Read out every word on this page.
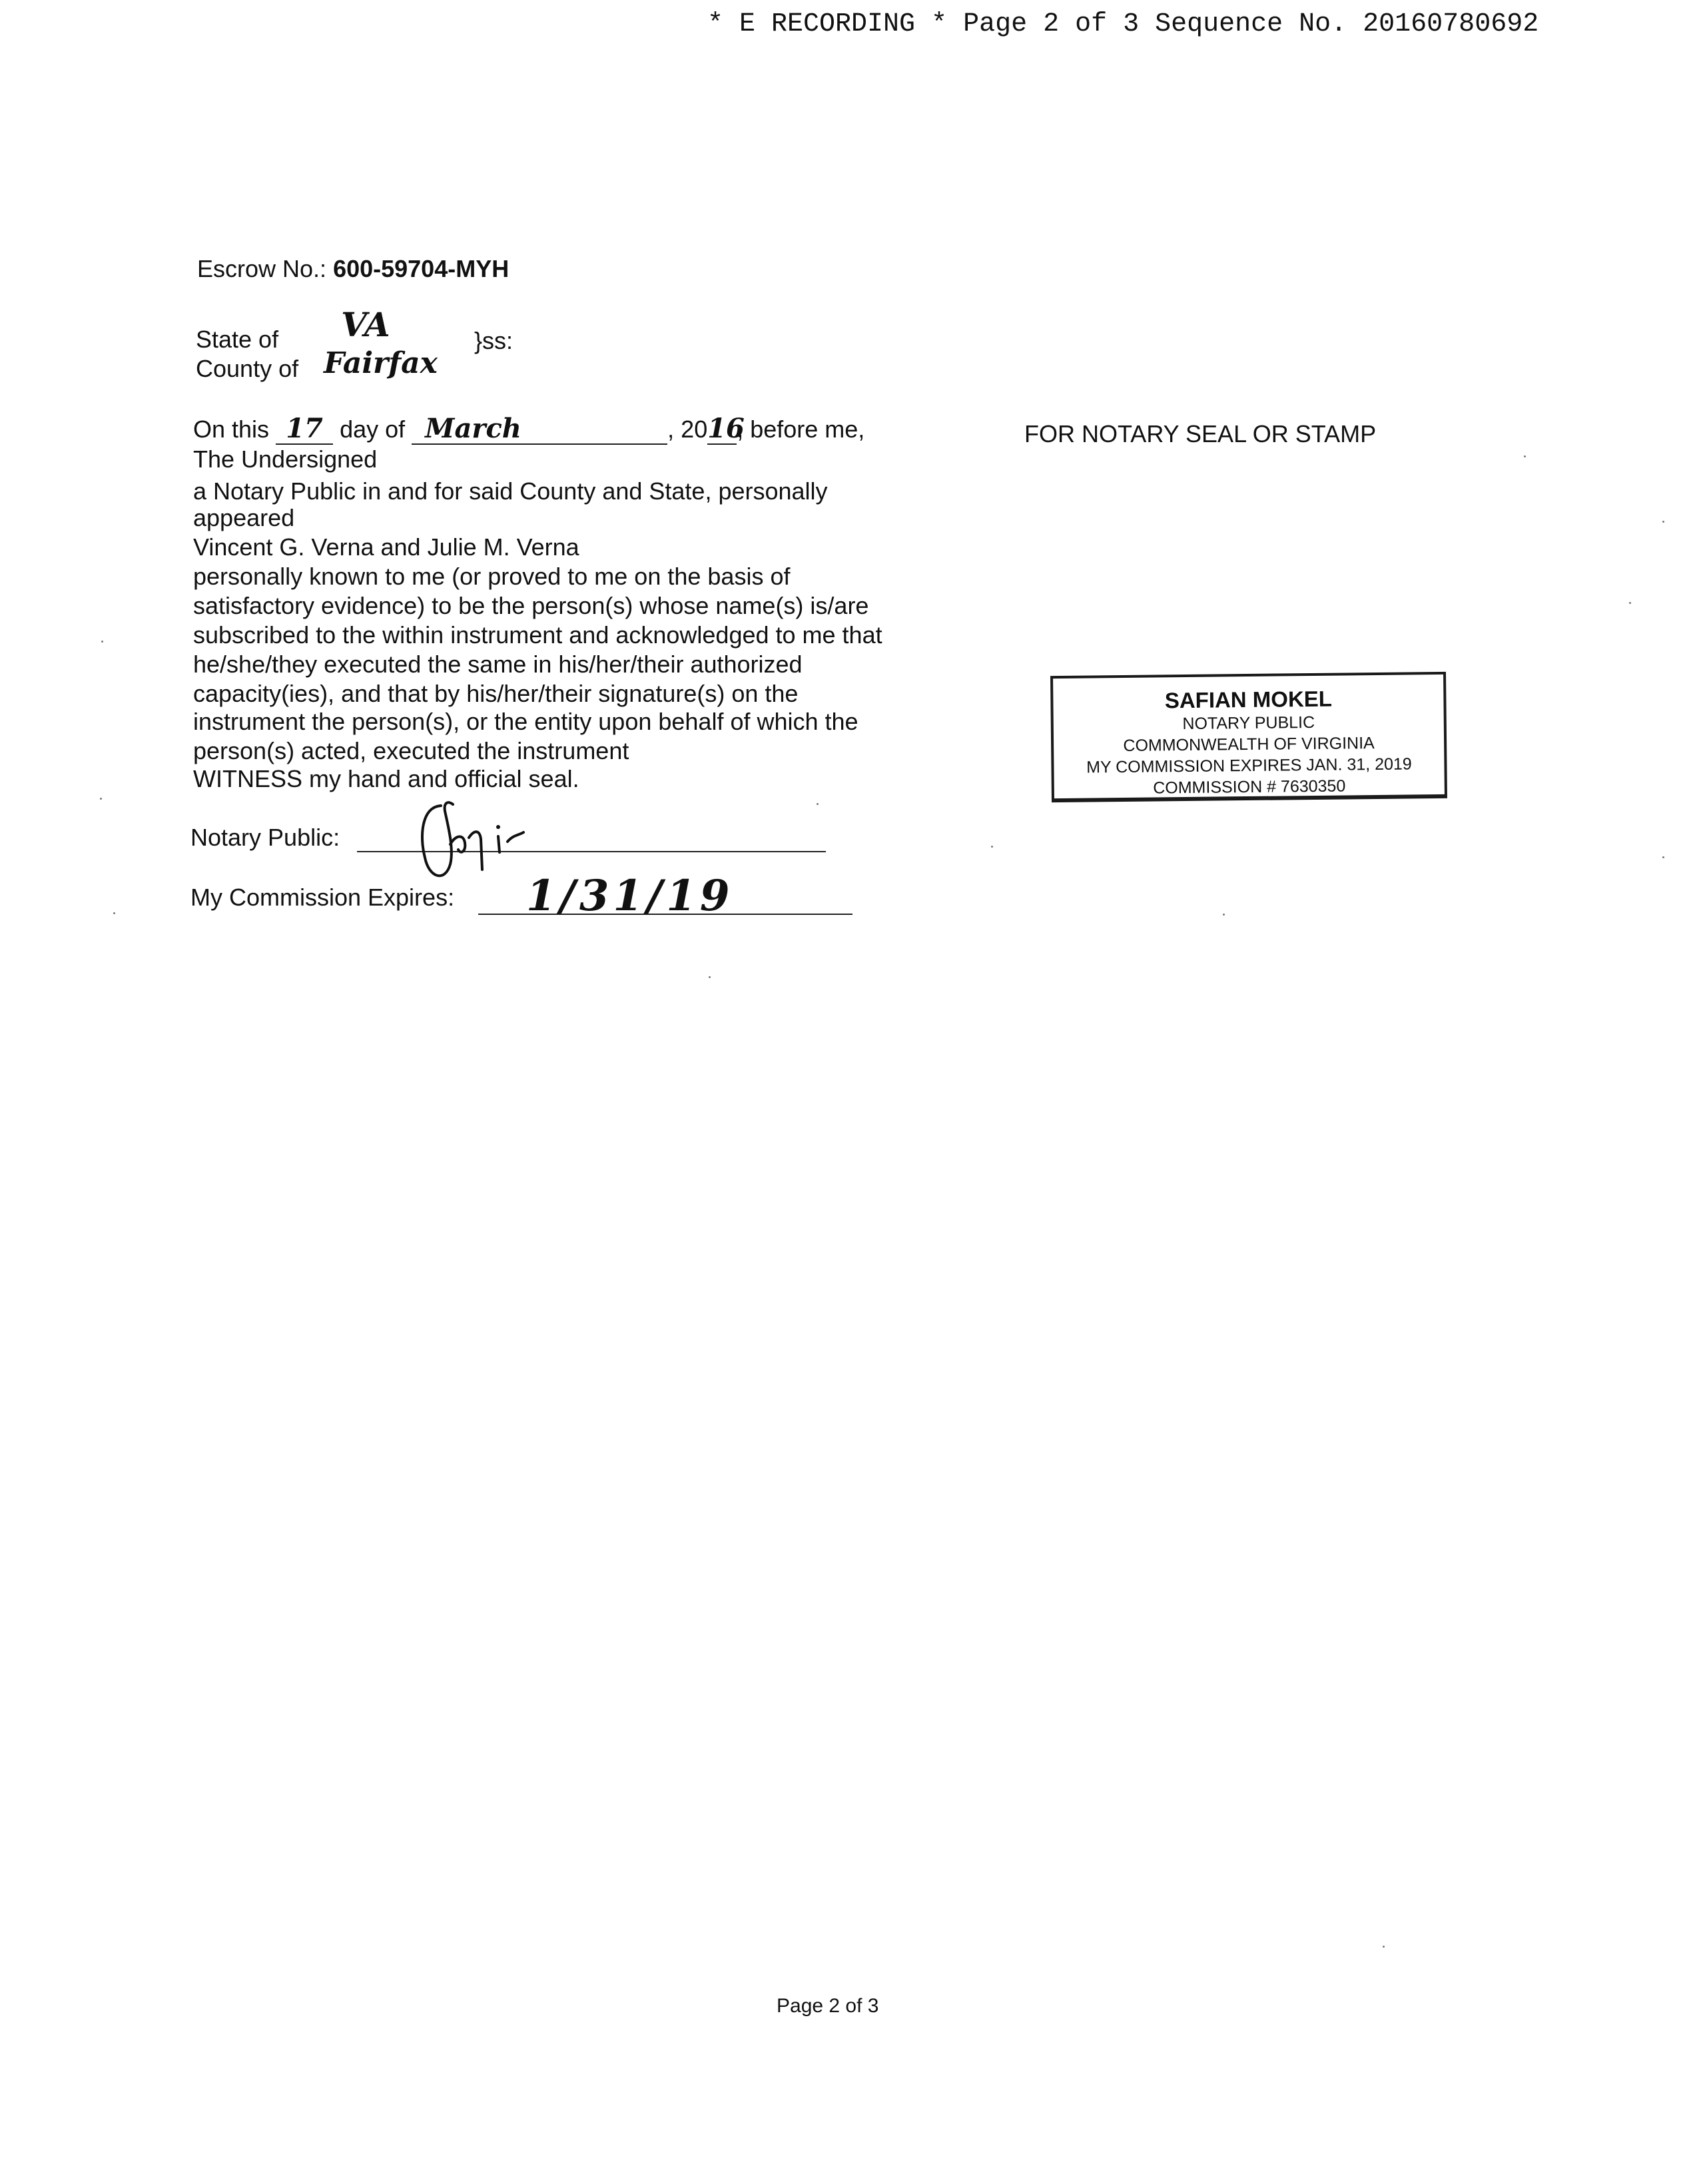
* E RECORDING * Page 2 of 3 Sequence No. 20160780692
Escrow No.: 600-59704-MYH
State of VA	}ss:
County of Fairfax
On this 17 day of March	, 2016, before me,
The Undersigned
a Notary Public in and for said County and State, personally
appeared
Vincent G. Verna and Julie M. Verna
personally known to me (or proved to me on the basis of
satisfactory evidence) to be the person(s) whose name(s) is/are
subscribed to the within instrument and acknowledged to me that
he/she/they executed the same in his/her/their authorized
capacity(ies), and that by his/her/their signature(s) on the
instrument the person(s), or the entity upon behalf of which the
person(s) acted, executed the instrument
WITNESS my hand and official seal.
Notary Public:
My Commission Expires: 1/31/19
FOR NOTARY SEAL OR STAMP
SAFIAN MOKEL
NOTARY PUBLIC
COMMONWEALTH OF VIRGINIA
MY COMMISSION EXPIRES JAN. 31, 2019
COMMISSION # 7630350
Page 2 of 3
